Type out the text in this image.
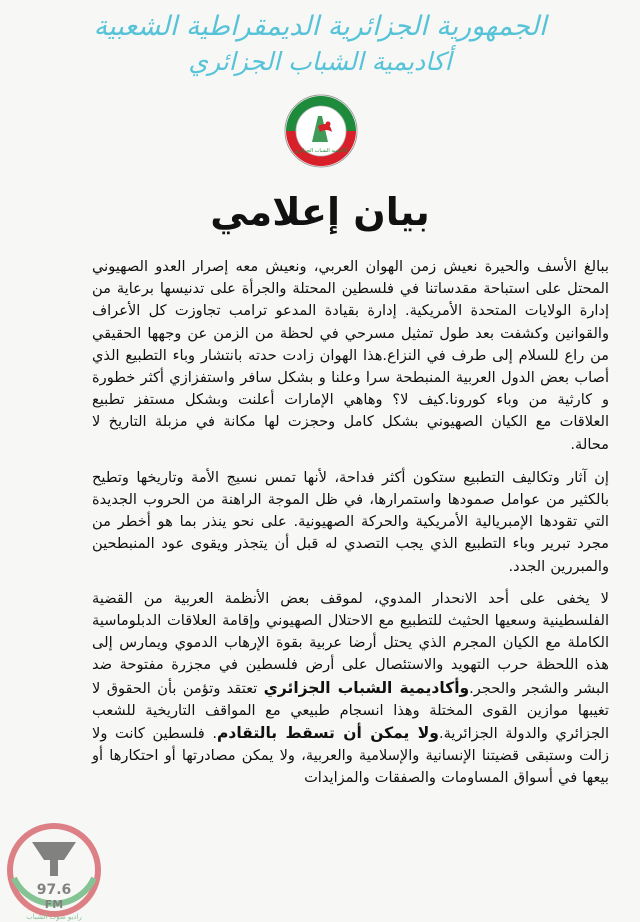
الجمهورية الجزائرية الديمقراطية الشعبية
أكاديمية الشباب الجزائري
أكاديمية الشباب الجزائري
بيان إعلامي

ببالغ الأسف والحيرة نعيش زمن الهوان العربي، ونعيش معه إصرار العدو الصهيوني المحتل على استباحة مقدساتنا في فلسطين المحتلة والجرأة على تدنيسها برعاية من إدارة الولايات المتحدة الأمريكية. إدارة بقيادة المدعو ترامب تجاوزت كل الأعراف والقوانين وكشفت بعد طول تمثيل مسرحي في لحظة من الزمن عن وجهها الحقيقي من راع للسلام إلى طرف في النزاع.هذا الهوان زادت حدته بانتشار وباء التطبيع الذي أصاب بعض الدول العربية المنبطحة سرا وعلنا و بشكل سافر واستفزازي أكثر خطورة و كارثية من وباء كورونا.كيف لا؟ وهاهي الإمارات أعلنت وبشكل مستفز تطبيع العلاقات مع الكيان الصهيوني بشكل كامل وحجزت لها مكانة في مزبلة التاريخ لا محالة.

إن آثار وتكاليف التطبيع ستكون أكثر فداحة، لأنها تمس نسيج الأمة وتاريخها وتطيح بالكثير من عوامل صمودها واستمرارها، في ظل الموجة الراهنة من الحروب الجديدة التي تقودها الإمبريالية الأمريكية والحركة الصهيونية. على نحو ينذر بما هو أخطر من مجرد تبرير وباء التطبيع الذي يجب التصدي له قبل أن يتجذر ويقوى عود المنبطحين والمبررين الجدد.

لا يخفى على أحد الانحدار المدوي، لموقف بعض الأنظمة العربية من القضية الفلسطينية وسعيها الحثيث للتطبيع مع الاحتلال الصهيوني وإقامة العلاقات الدبلوماسية الكاملة مع الكيان المجرم الذي يحتل أرضا عربية بقوة الإرهاب الدموي ويمارس إلى هذه اللحظة حرب التهويد والاستئصال على أرض فلسطين في مجزرة مفتوحة ضد البشر والشجر والحجر.وأكاديمية الشباب الجزائري تعتقد وتؤمن بأن الحقوق لا تغيبها موازين القوى المختلة وهذا انسجام طبيعي مع المواقف التاريخية للشعب الجزائري والدولة الجزائرية.ولا يمكن أن تسقط بالتقادم. فلسطين كانت ولا زالت وستبقى قضيتنا الإنسانية والإسلامية والعربية، ولا يمكن مصادرتها أو احتكارها أو بيعها في أسواق المساومات والصفقات والمزايدات

97.6
FM
راديو صوت الشباب
